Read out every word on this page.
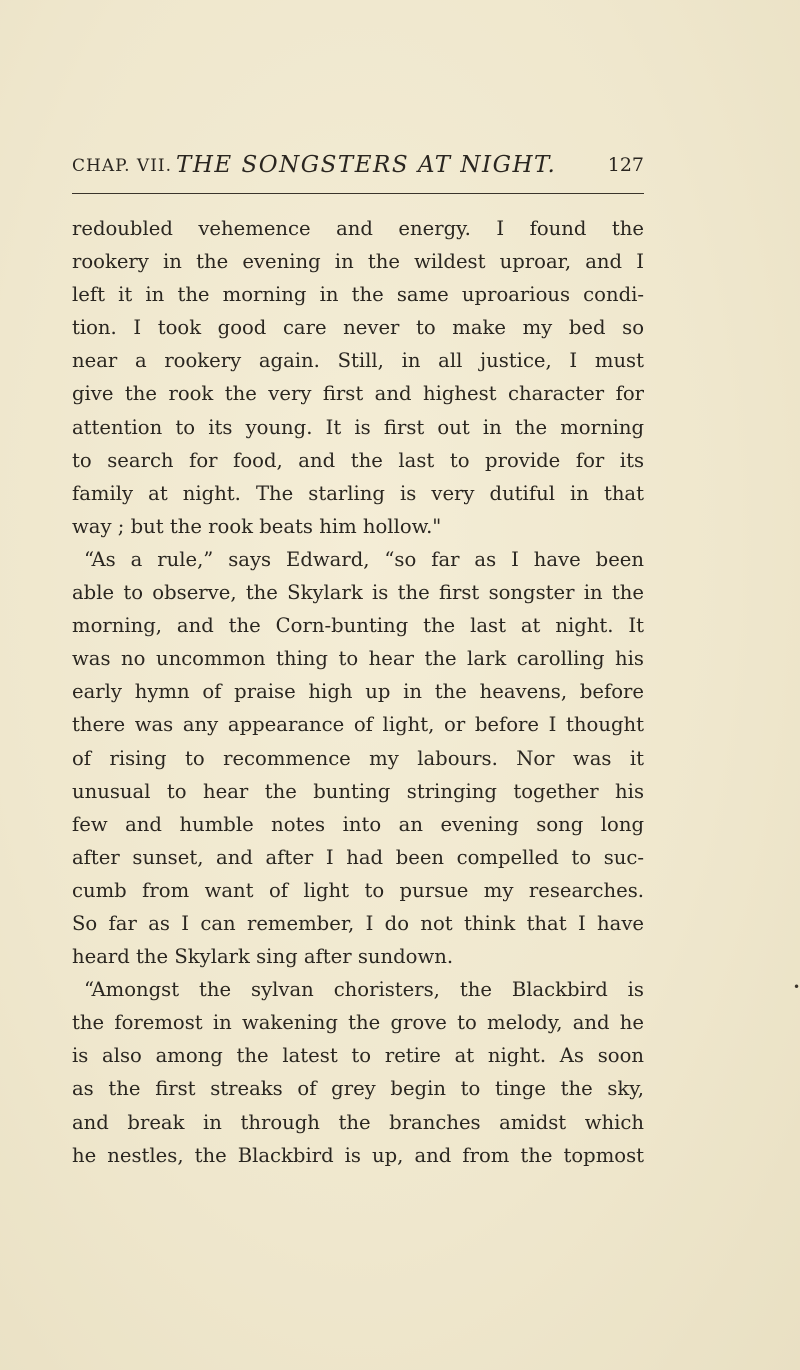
CHAP. VII. THE SONGSTERS AT NIGHT.	127
redoubled vehemence and energy. I found the
rookery in the evening in the wildest uproar, and I
left it in the morning in the same uproarious condi-
tion. I took good care never to make my bed so
near a rookery again. Still, in all justice, I must
give the rook the very first and highest character for
attention to its young. It is first out in the morning
to search for food, and the last to provide for its
family at night. The starling is very dutiful in that
way ; but the rook beats him hollow."
“As a rule,” says Edward, “so far as I have been
able to observe, the Skylark is the first songster in the
morning, and the Corn-bunting the last at night. It
was no uncommon thing to hear the lark carolling his
early hymn of praise high up in the heavens, before
there was any appearance of light, or before I thought
of rising to recommence my labours. Nor was it
unusual to hear the bunting stringing together his
few and humble notes into an evening song long
after sunset, and after I had been compelled to suc-
cumb from want of light to pursue my researches.
So far as I can remember, I do not think that I have
heard the Skylark sing after sundown.
“Amongst the sylvan choristers, the Blackbird is
the foremost in wakening the grove to melody, and he
is also among the latest to retire at night. As soon
as the first streaks of grey begin to tinge the sky,
and break in through the branches amidst which
he nestles, the Blackbird is up, and from the topmost
•
